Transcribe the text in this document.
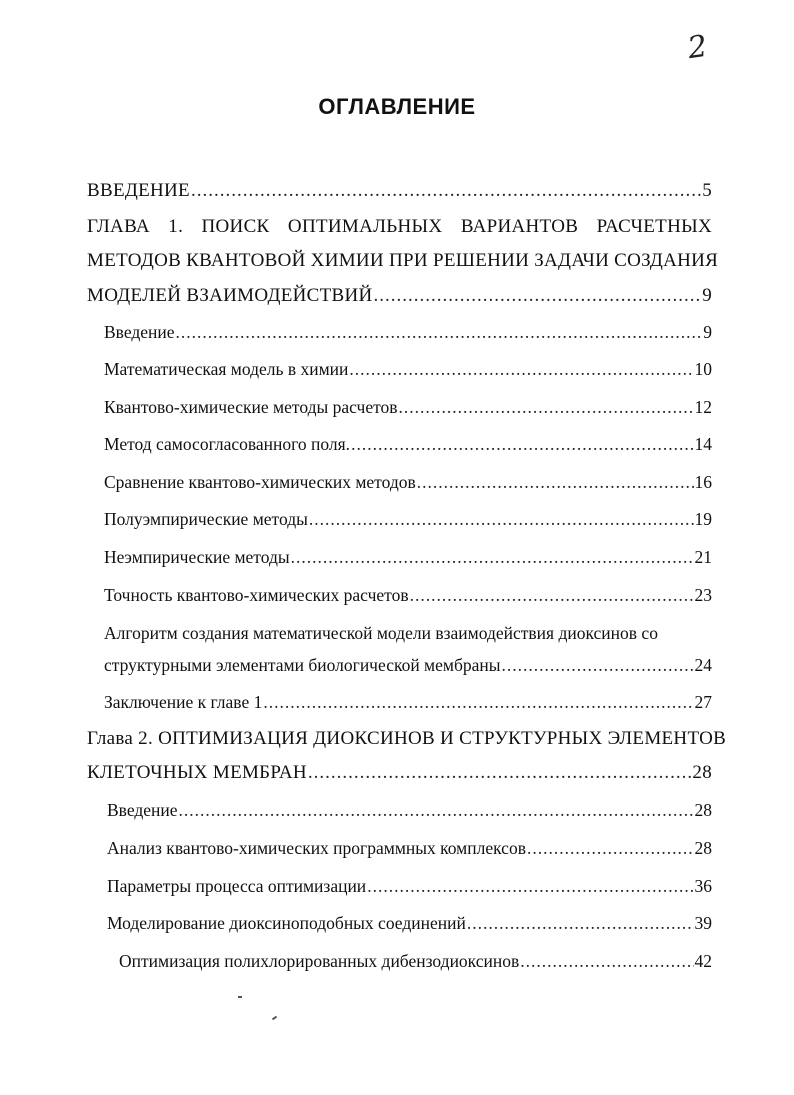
2
ОГЛАВЛЕНИЕ
ВВЕДЕНИЕ .....	5
ГЛАВА 1. ПОИСК ОПТИМАЛЬНЫХ ВАРИАНТОВ РАСЧЕТНЫХ
МЕТОДОВ КВАНТОВОЙ ХИМИИ ПРИ РЕШЕНИИ ЗАДАЧИ СОЗДАНИЯ
МОДЕЛЕЙ ВЗАИМОДЕЙСТВИЙ .....	9
Введение .....	9
Математическая модель в химии .....	10
Квантово-химические методы расчетов .....	12
Метод самосогласованного поля. .....	14
Сравнение квантово-химических методов .....	16
Полуэмпирические методы .....	19
Неэмпирические методы .....	21
Точность квантово-химических расчетов .....	23
Алгоритм создания математической модели взаимодействия диоксинов со
структурными элементами биологической мембраны .....	24
Заключение к главе 1 .....	27
Глава 2. ОПТИМИЗАЦИЯ ДИОКСИНОВ И СТРУКТУРНЫХ ЭЛЕМЕНТОВ
КЛЕТОЧНЫХ МЕМБРАН .....	28
Введение .....	28
Анализ квантово-химических программных комплексов .....	28
Параметры процесса оптимизации .....	36
Моделирование диоксиноподобных соединений .....	39
Оптимизация полихлорированных дибензодиоксинов .....	42
